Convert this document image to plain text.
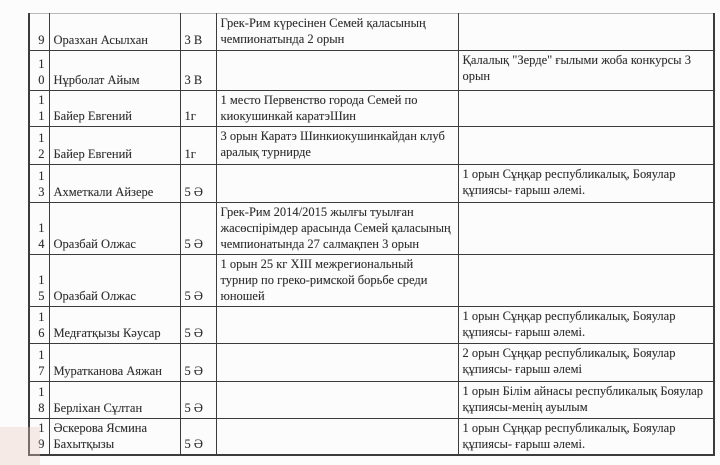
9	Оразхан Асылхан	3 В	Грек-Рим күресінен Семей қаласының чемпионатында 2 орын	
10	Нұрболат Айым	3 В		Қалалық "Зерде" ғылыми жоба конкурсы 3 орын
11	Байер Евгений	1г	1 место Первенство города Семей по киокушинкай каратэШин	
12	Байер Евгений	1г	3 орын Каратэ Шинкиокушинкайдан клуб аралық турнирде	
13	Ахметкали Айзере	5 Ә		1 орын Сұңқар республикалық, Бояулар құпиясы- ғарыш әлемі.
14	Оразбай Олжас	5 Ә	Грек-Рим 2014/2015 жылғы туылған жасөспірімдер арасында Семей қаласының чемпионатында 27 салмақпен 3 орын	
15	Оразбай Олжас	5 Ә	1 орын 25 кг XIII межрегиональный турнир по греко-римской борьбе среди юношей	
16	Медғатқызы Кәусар	5 Ә		1 орын Сұңқар республикалық, Бояулар құпиясы- ғарыш әлемі.
17	Муратканова Аяжан	5 Ә		2 орын Сұңқар республикалық, Бояулар құпиясы- ғарыш әлемі
18	Берліхан Сұлтан	5 Ә		1 орын Білім айнасы республикалық Бояулар құпиясы-менің ауылым
19	Әскерова Ясмина Бахытқызы	5 Ә		1 орын Сұңқар республикалық, Бояулар құпиясы- ғарыш әлемі.
